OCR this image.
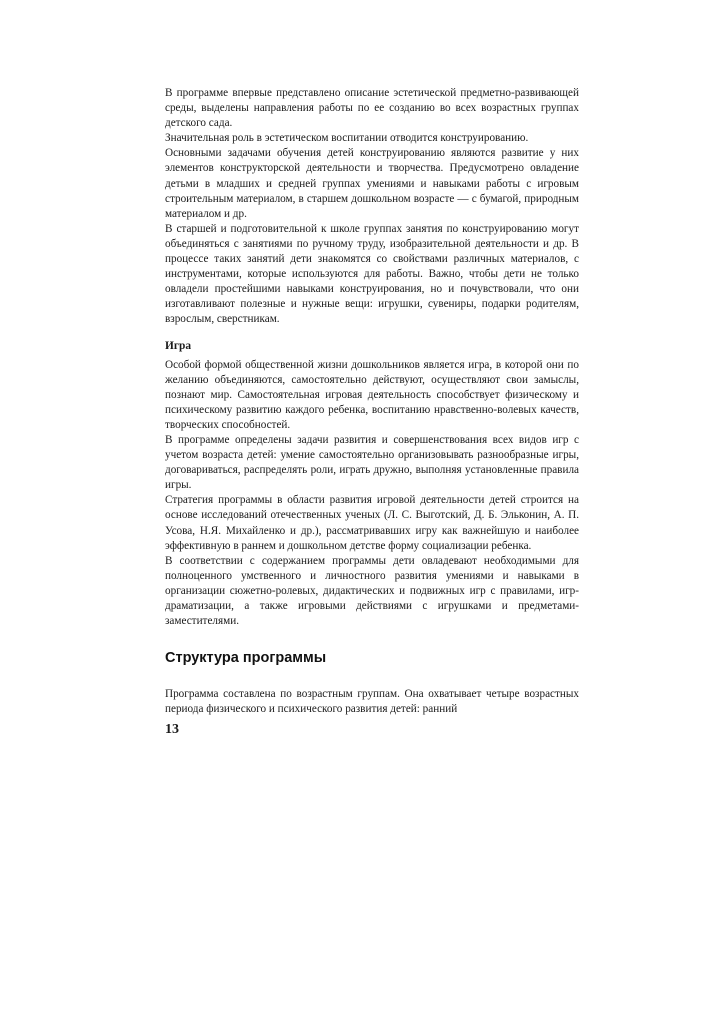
В программе впервые представлено описание эстетической предметно-развивающей среды, выделены направления работы по ее созданию во всех возрастных группах детского сада.

Значительная роль в эстетическом воспитании отводится конструированию.

Основными задачами обучения детей конструированию являются развитие у них элементов конструкторской деятельности и творчества. Предусмотрено овладение детьми в младших и средней группах умениями и навыками работы с игровым строительным материалом, в старшем дошкольном возрасте — с бумагой, природным материалом и др.

В старшей и подготовительной к школе группах занятия по конструированию могут объединяться с занятиями по ручному труду, изобразительной деятельности и др. В процессе таких занятий дети знакомятся со свойствами различных материалов, с инструментами, которые используются для работы. Важно, чтобы дети не только овладели простейшими навыками конструирования, но и почувствовали, что они изготавливают полезные и нужные вещи: игрушки, сувениры, подарки родителям, взрослым, сверстникам.

Игра

Особой формой общественной жизни дошкольников является игра, в которой они по желанию объединяются, самостоятельно действуют, осуществляют свои замыслы, познают мир. Самостоятельная игровая деятельность способствует физическому и психическому развитию каждого ребенка, воспитанию нравственно-волевых качеств, творческих способностей.

В программе определены задачи развития и совершенствования всех видов игр с учетом возраста детей: умение самостоятельно организовывать разнообразные игры, договариваться, распределять роли, играть дружно, выполняя установленные правила игры.

Стратегия программы в области развития игровой деятельности детей строится на основе исследований отечественных ученых (Л. С. Выготский, Д. Б. Эльконин, А. П. Усова, Н.Я. Михайленко и др.), рассматривавших игру как важнейшую и наиболее эффективную в раннем и дошкольном детстве форму социализации ребенка.

В соответствии с содержанием программы дети овладевают необходимыми для полноценного умственного и личностного развития умениями и навыками в организации сюжетно-ролевых, дидактических и подвижных игр с правилами, игр-драматизации, а также игровыми действиями с игрушками и предметами-заместителями.

Структура программы

Программа составлена по возрастным группам. Она охватывает четыре возрастных периода физического и психического развития детей: ранний

13
